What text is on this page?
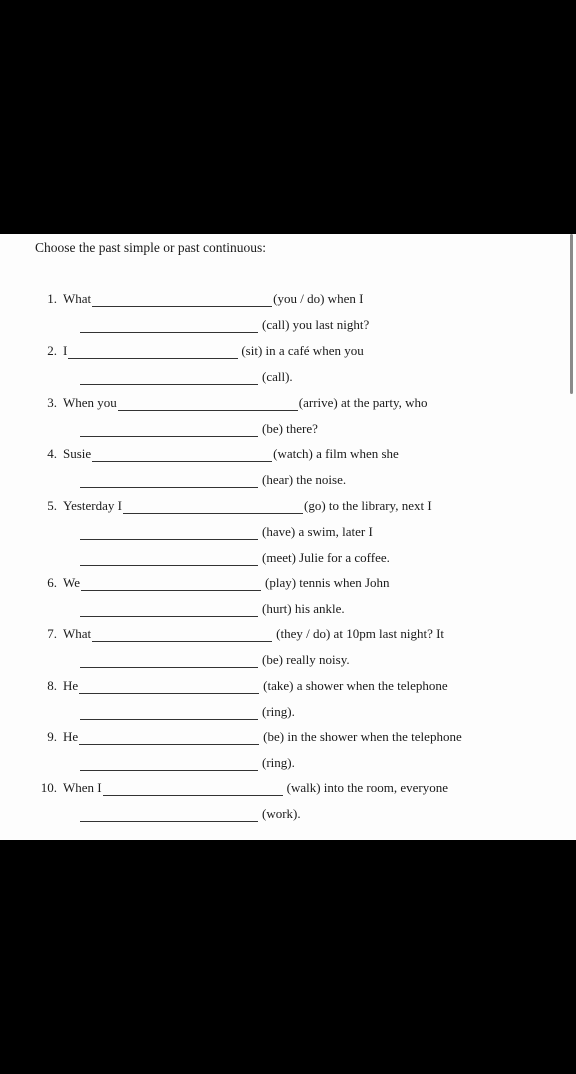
Choose the past simple or past continuous:
1. What	(you / do) when I
(call) you last night?
2. I	(sit) in a café when you
(call).
3. When you	(arrive) at the party, who
(be) there?
4. Susie	(watch) a film when she
(hear) the noise.
5. Yesterday I	(go) to the library, next I
(have) a swim, later I
(meet) Julie for a coffee.
6. We	(play) tennis when John
(hurt) his ankle.
7. What	(they / do) at 10pm last night? It
(be) really noisy.
8. He	(take) a shower when the telephone
(ring).
9. He	(be) in the shower when the telephone
(ring).
10. When I	(walk) into the room, everyone
(work).
